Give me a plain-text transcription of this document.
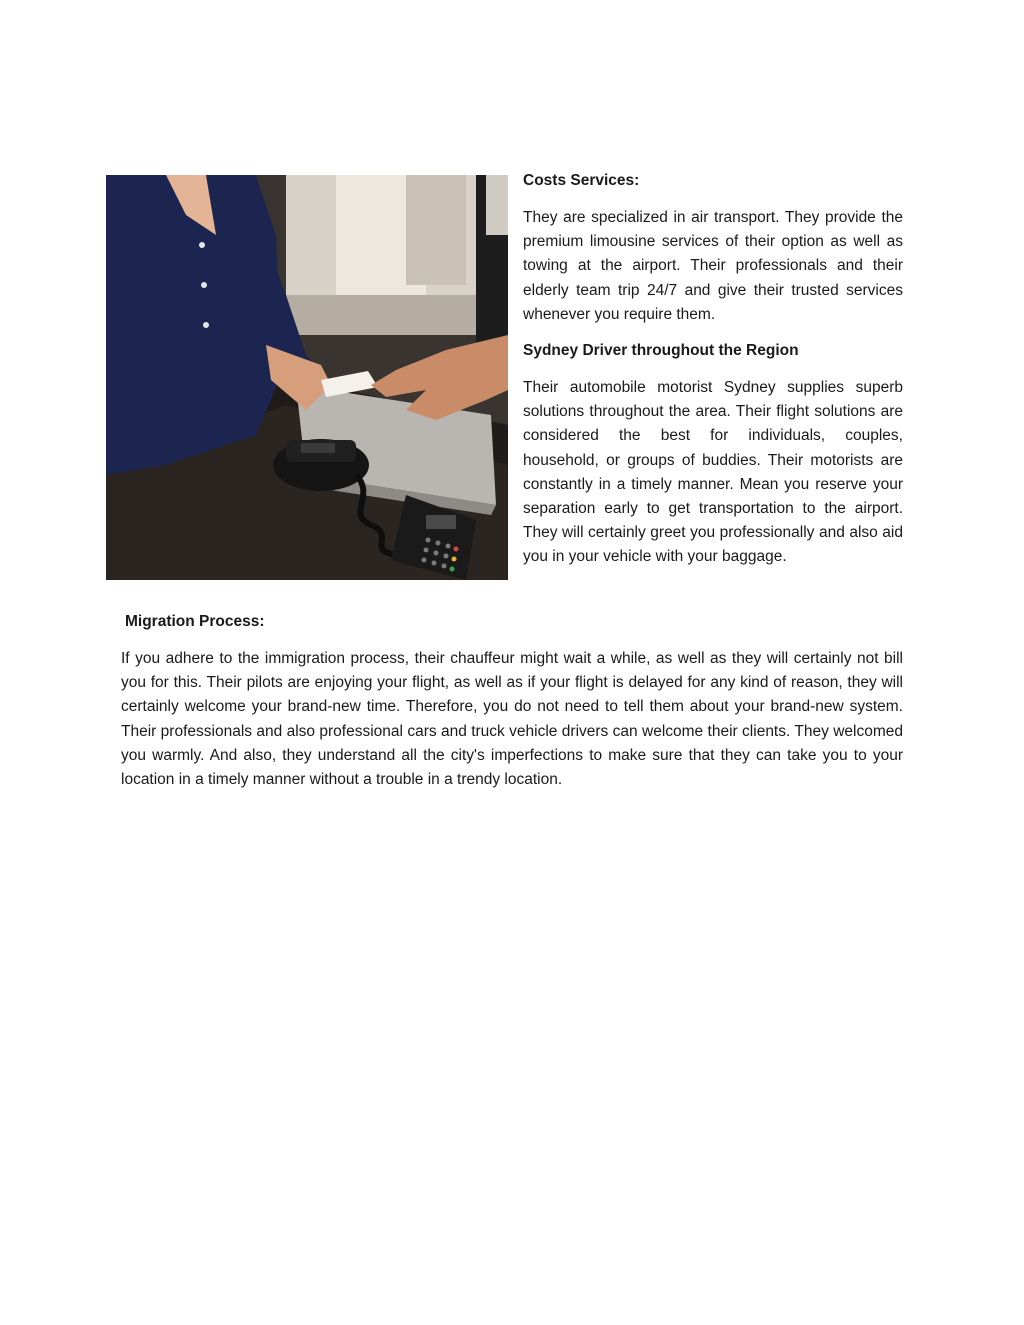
Costs Services:
They are specialized in air transport. They provide the premium limousine services of their option as well as towing at the airport. Their professionals and their elderly team trip 24/7 and give their trusted services whenever you require them.
Sydney Driver throughout the Region
Their automobile motorist Sydney supplies superb solutions throughout the area. Their flight solutions are considered the best for individuals, couples, household, or groups of buddies. Their motorists are constantly in a timely manner. Mean you reserve your separation early to get transportation to the airport. They will certainly greet you professionally and also aid you in your vehicle with your baggage.
Migration Process:
If you adhere to the immigration process, their chauffeur might wait a while, as well as they will certainly not bill you for this. Their pilots are enjoying your flight, as well as if your flight is delayed for any kind of reason, they will certainly welcome your brand-new time. Therefore, you do not need to tell them about your brand-new system. Their professionals and also professional cars and truck vehicle drivers can welcome their clients. They welcomed you warmly. And also, they understand all the city's imperfections to make sure that they can take you to your location in a timely manner without a trouble in a trendy location.
